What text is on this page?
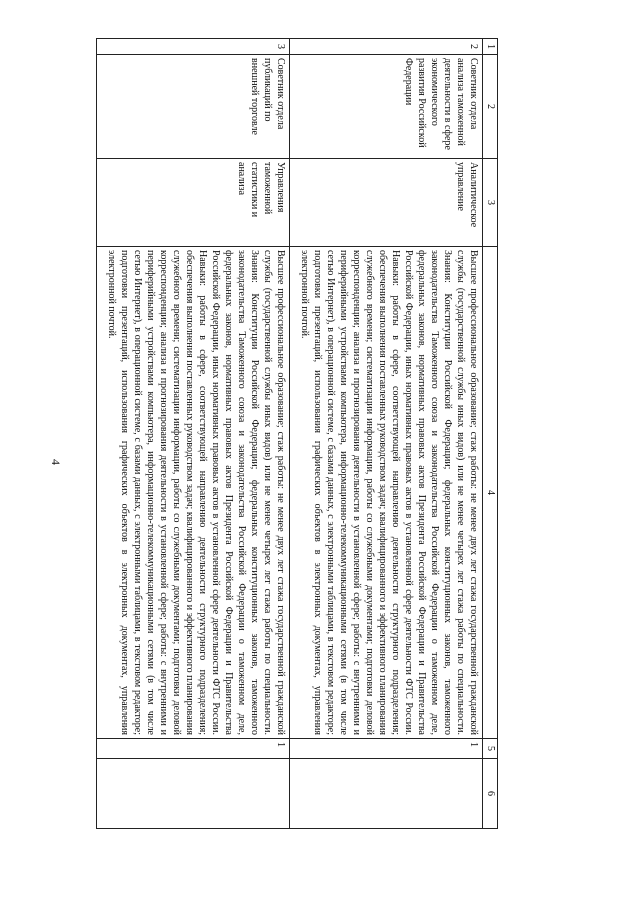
4
1	2	3	4	5	6
2	Советник отдела анализа таможенной деятельности в сфере экономического развития Российской Федерации	Аналитическое управление	Высшее профессиональное образование; стаж работы: не менее двух лет стажа государственной гражданской службы (государственной службы иных видов) или не менее четырех лет стажа работы по специальности. Знания: Конституции Российской Федерации; федеральных конституционных законов, таможенного законодательства Таможенного союза и законодательства Российской Федерации о таможенном деле, федеральных законов, нормативных правовых актов Президента Российской Федерации и Правительства Российской Федерации, иных нормативных правовых актов в установленной сфере деятельности ФТС России. Навыки: работы в сфере, соответствующей направлению деятельности структурного подразделения; обеспечения выполнения поставленных руководством задач; квалифицированного и эффективного планирования служебного времени; систематизации информации, работы со служебными документами; подготовки деловой корреспонденции; анализа и прогнозирования деятельности в установленной сфере; работы: с внутренними и периферийными устройствами компьютера, информационно-телекоммуникационными сетями (в том числе сетью Интернет), в операционной системе, с базами данных, с электронными таблицами, в текстовом редакторе; подготовки презентаций, использования графических объектов в электронных документах, управления электронной почтой.	1	
3	Советник отдела публикаций по внешней торговле	Управления таможенной статистики и анализа	Высшее профессиональное образование; стаж работы: не менее двух лет стажа государственной гражданской службы (государственной службы иных видов) или не менее четырех лет стажа работы по специальности. Знания: Конституции Российской Федерации; федеральных конституционных законов, таможенного законодательства Таможенного союза и законодательства Российской Федерации о таможенном деле, федеральных законов, нормативных правовых актов Президента Российской Федерации и Правительства Российской Федерации, иных нормативных правовых актов в установленной сфере деятельности ФТС России. Навыки: работы в сфере, соответствующей направлению деятельности структурного подразделения; обеспечения выполнения поставленных руководством задач; квалифицированного и эффективного планирования служебного времени; систематизации информации, работы со служебными документами; подготовки деловой корреспонденции; анализа и прогнозирования деятельности в установленной сфере; работы: с внутренними и периферийными устройствами компьютера, информационно-телекоммуникационными сетями (в том числе сетью Интернет), в операционной системе, с базами данных, с электронными таблицами, в текстовом редакторе; подготовки презентаций, использования графических объектов в электронных документах, управления электронной почтой.	1	
